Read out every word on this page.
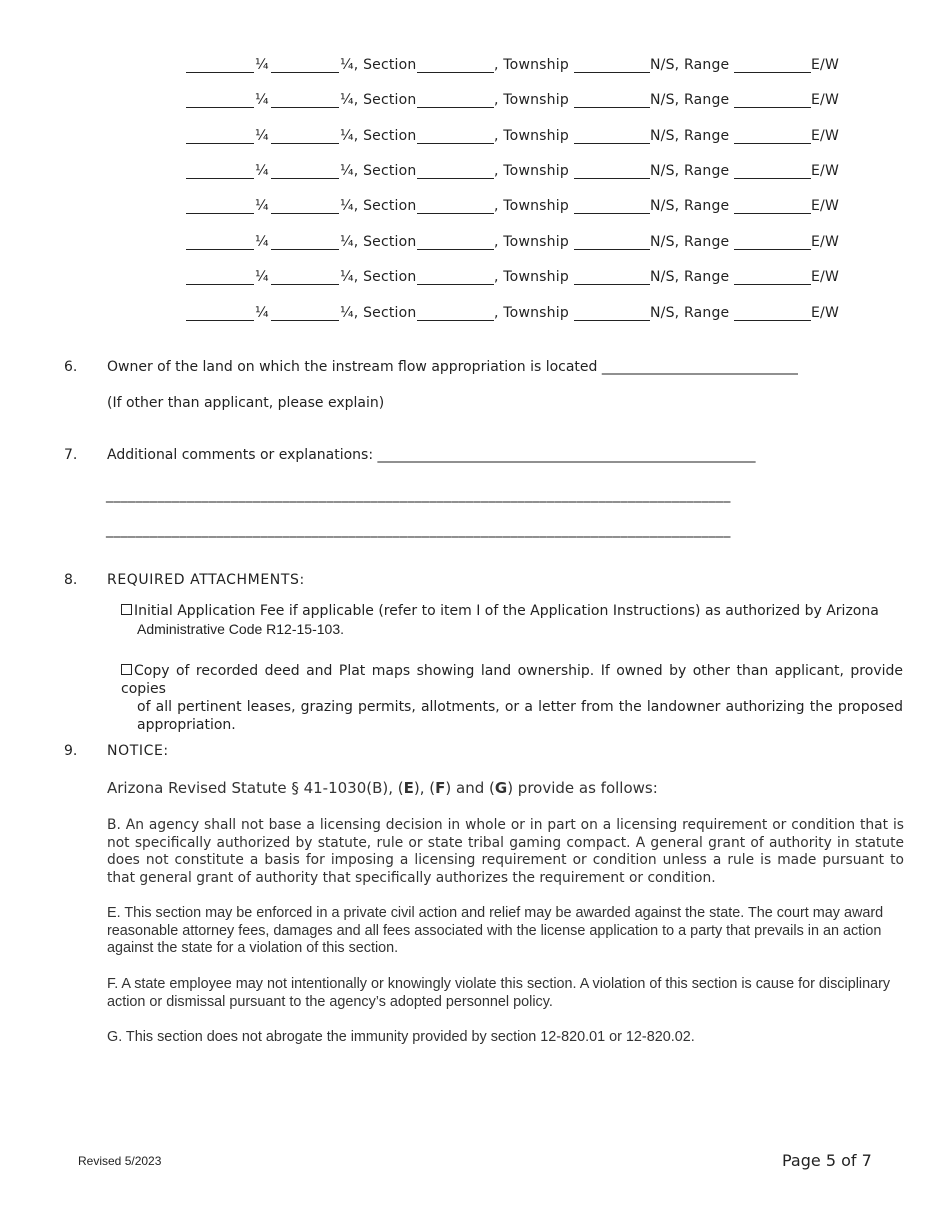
¼	¼, Section	, Township	N/S, Range	E/W
¼	¼, Section	, Township	N/S, Range	E/W
¼	¼, Section	, Township	N/S, Range	E/W
¼	¼, Section	, Township	N/S, Range	E/W
¼	¼, Section	, Township	N/S, Range	E/W
¼	¼, Section	, Township	N/S, Range	E/W
¼	¼, Section	, Township	N/S, Range	E/W
¼	¼, Section	, Township	N/S, Range	E/W
6. Owner of the land on which the instream flow appropriation is located ____________________________
(If other than applicant, please explain)
7. Additional comments or explanations: ______________________________________________________
_____________________________________________________________________________________
_____________________________________________________________________________________
8. REQUIRED ATTACHMENTS:
Initial Application Fee if applicable (refer to item I of the Application Instructions) as authorized by Arizona
Administrative Code R12-15-103.
Copy of recorded deed and Plat maps showing land ownership. If owned by other than applicant, provide copies
of all pertinent leases, grazing permits, allotments, or a letter from the landowner authorizing the proposed appropriation.
9. NOTICE:
Arizona Revised Statute § 41-1030(B), (E), (F) and (G) provide as follows:
B. An agency shall not base a licensing decision in whole or in part on a licensing requirement or condition that is not specifically authorized by statute, rule or state tribal gaming compact. A general grant of authority in statute does not constitute a basis for imposing a licensing requirement or condition unless a rule is made pursuant to that general grant of authority that specifically authorizes the requirement or condition.
E. This section may be enforced in a private civil action and relief may be awarded against the state. The court may award reasonable attorney fees, damages and all fees associated with the license application to a party that prevails in an action against the state for a violation of this section.
F. A state employee may not intentionally or knowingly violate this section. A violation of this section is cause for disciplinary action or dismissal pursuant to the agency’s adopted personnel policy.
G. This section does not abrogate the immunity provided by section 12-820.01 or 12-820.02.
Revised 5/2023	Page 5 of 7
